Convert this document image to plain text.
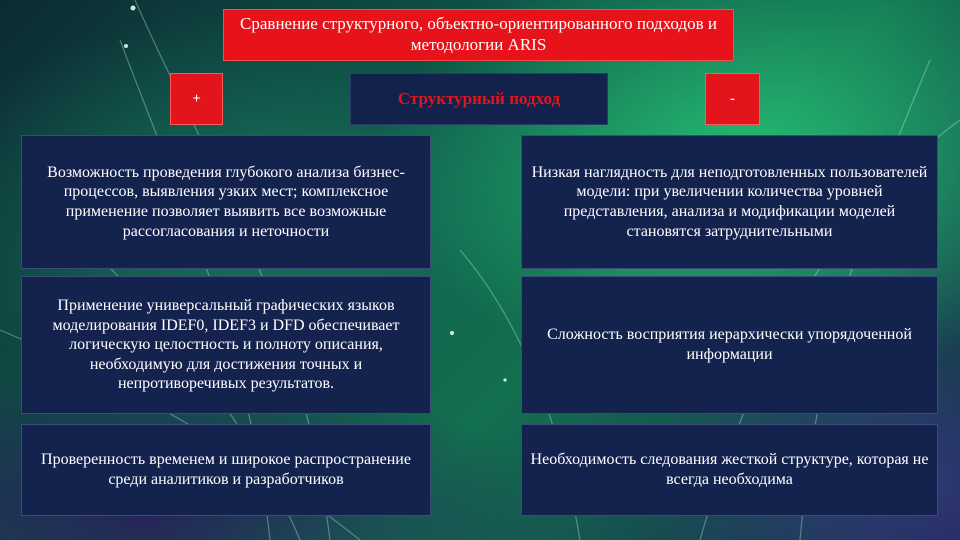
Сравнение структурного, объектно-ориентированного подходов и методологии ARIS
+	Структурный подход	-
Возможность проведения глубокого анализа бизнес-процессов, выявления узких мест; комплексное применение позволяет выявить все возможные рассогласования и неточности
Применение универсальный графических языков моделирования IDEF0, IDEF3 и DFD обеспечивает логическую целостность и полноту описания, необходимую для достижения точных и непротиворечивых результатов.
Проверенность временем и широкое распространение среди аналитиков и разработчиков
Низкая наглядность для неподготовленных пользователей модели: при увеличении количества уровней представления, анализа и модификации моделей становятся затруднительными
Сложность восприятия иерархически упорядоченной информации
Необходимость следования жесткой структуре, которая не всегда необходима
